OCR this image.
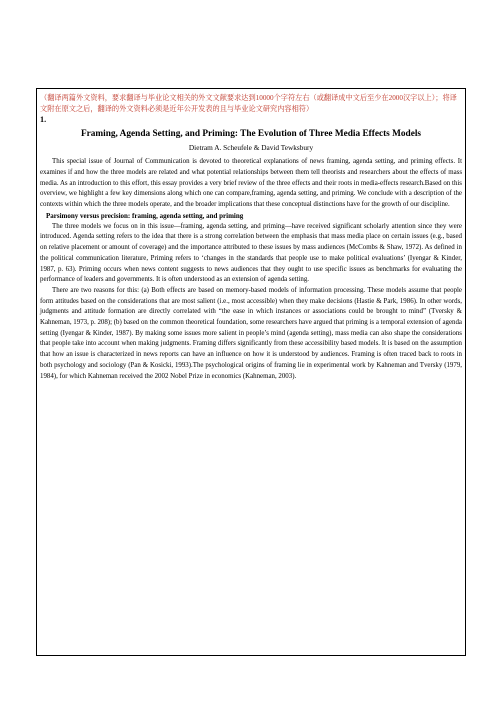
（翻译两篇外文资料，要求翻译与毕业论文相关的外文文献要求达到10000个字符左右（或翻译成中文后至少在2000汉字以上）；将译文附在原文之后，翻译的外文资料必须是近年公开发表的且与毕业论文研究内容相符）

1.

Framing, Agenda Setting, and Priming: The Evolution of Three Media Effects Models

Dietram A. Scheufele & David Tewksbury

This special issue of Journal of Communication is devoted to theoretical explanations of news framing, agenda setting, and priming effects. It examines if and how the three models are related and what potential relationships between them tell theorists and researchers about the effects of mass media. As an introduction to this effort, this essay provides a very brief review of the three effects and their roots in media-effects research.Based on this overview, we highlight a few key dimensions along which one can compare,framing, agenda setting, and priming. We conclude with a description of the contexts within which the three models operate, and the broader implications that these conceptual distinctions have for the growth of our discipline.

Parsimony versus precision: framing, agenda setting, and priming

The three models we focus on in this issue—framing, agenda setting, and priming—have received significant scholarly attention since they were introduced. Agenda setting refers to the idea that there is a strong correlation between the emphasis that mass media place on certain issues (e.g., based on relative placement or amount of coverage) and the importance attributed to these issues by mass audiences (McCombs & Shaw, 1972). As defined in the political communication literature, Priming refers to ‘changes in the standards that people use to make political evaluations’ (Iyengar & Kinder, 1987, p. 63). Priming occurs when news content suggests to news audiences that they ought to use specific issues as benchmarks for evaluating the performance of leaders and governments. It is often understood as an extension of agenda setting.

There are two reasons for this: (a) Both effects are based on memory-based models of information processing. These models assume that people form attitudes based on the considerations that are most salient (i.e., most accessible) when they make decisions (Hastie & Park, 1986). In other words, judgments and attitude formation are directly correlated with “the ease in which instances or associations could be brought to mind” (Tversky & Kahneman, 1973, p. 208); (b) based on the common theoretical foundation, some researchers have argued that priming is a temporal extension of agenda setting (Iyengar & Kinder, 1987). By making some issues more salient in people’s mind (agenda setting), mass media can also shape the considerations that people take into account when making judgments. Framing differs significantly from these accessibility based models. It is based on the assumption that how an issue is characterized in news reports can have an influence on how it is understood by audiences. Framing is often traced back to roots in both psychology and sociology (Pan & Kosicki, 1993).The psychological origins of framing lie in experimental work by Kahneman and Tversky (1979, 1984), for which Kahneman received the 2002 Nobel Prize in economics (Kahneman, 2003).
